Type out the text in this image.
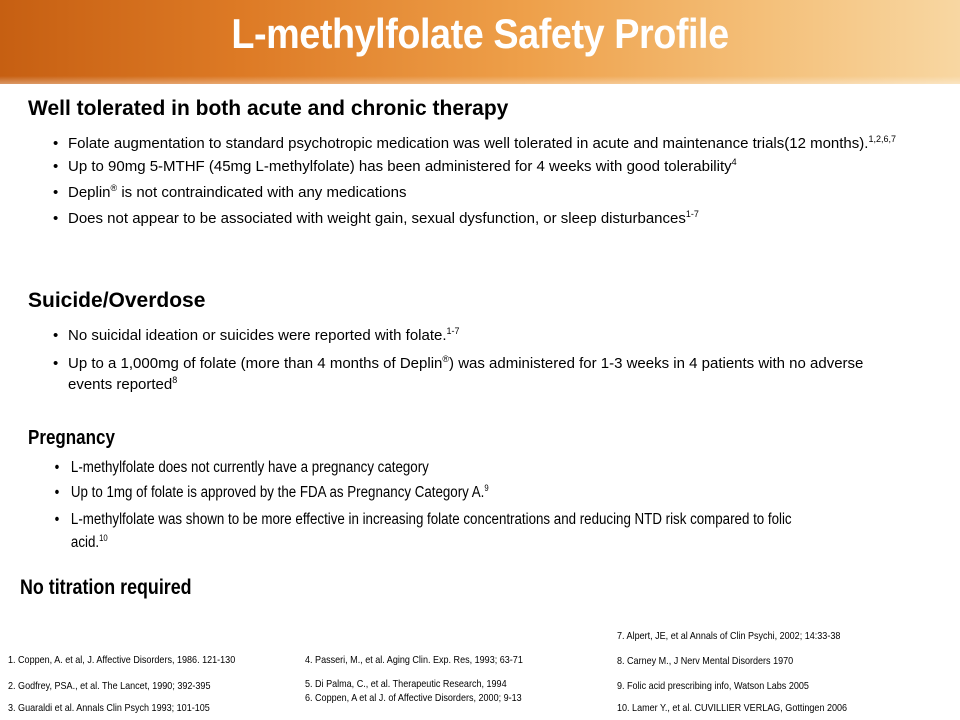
L-methylfolate Safety Profile
Well tolerated in both acute and chronic therapy
• Folate augmentation to standard psychotropic medication was well tolerated in acute and maintenance trials(12 months).$^{1,2,6,7}$
• Up to 90mg 5-MTHF (45mg L-methylfolate) has been administered for 4 weeks with good tolerability$^4$
• Deplin® is not contraindicated with any medications
• Does not appear to be associated with weight gain, sexual dysfunction, or sleep disturbances$^{1-7}$
Suicide/Overdose
• No suicidal ideation or suicides were reported with folate.$^{1-7}$
• Up to a 1,000mg of folate (more than 4 months of Deplin®) was administered for 1-3 weeks in 4 patients with no adverse events reported$^8$
Pregnancy
• L-methylfolate does not currently have a pregnancy category
• Up to 1mg of folate is approved by the FDA as Pregnancy Category A.$^9$
• L-methylfolate was shown to be more effective in increasing folate concentrations and reducing NTD risk compared to folic acid.$^{10}$
No titration required
1. Coppen, A. et al, J. Affective Disorders, 1986. 121-130
2. Godfrey, PSA., et al. The Lancet, 1990; 392-395
3. Guaraldi et al. Annals Clin Psych 1993; 101-105
4. Passeri, M., et al. Aging Clin. Exp. Res, 1993; 63-71
5. Di Palma, C., et al. Therapeutic Research, 1994
6. Coppen, A et al J. of Affective Disorders, 2000; 9-13
7. Alpert, JE, et al Annals of Clin Psychi, 2002; 14:33-38
8. Carney M., J Nerv Mental Disorders 1970
9. Folic acid prescribing info, Watson Labs 2005
10. Lamer Y., et al. CUVILLIER VERLAG, Gottingen 2006
